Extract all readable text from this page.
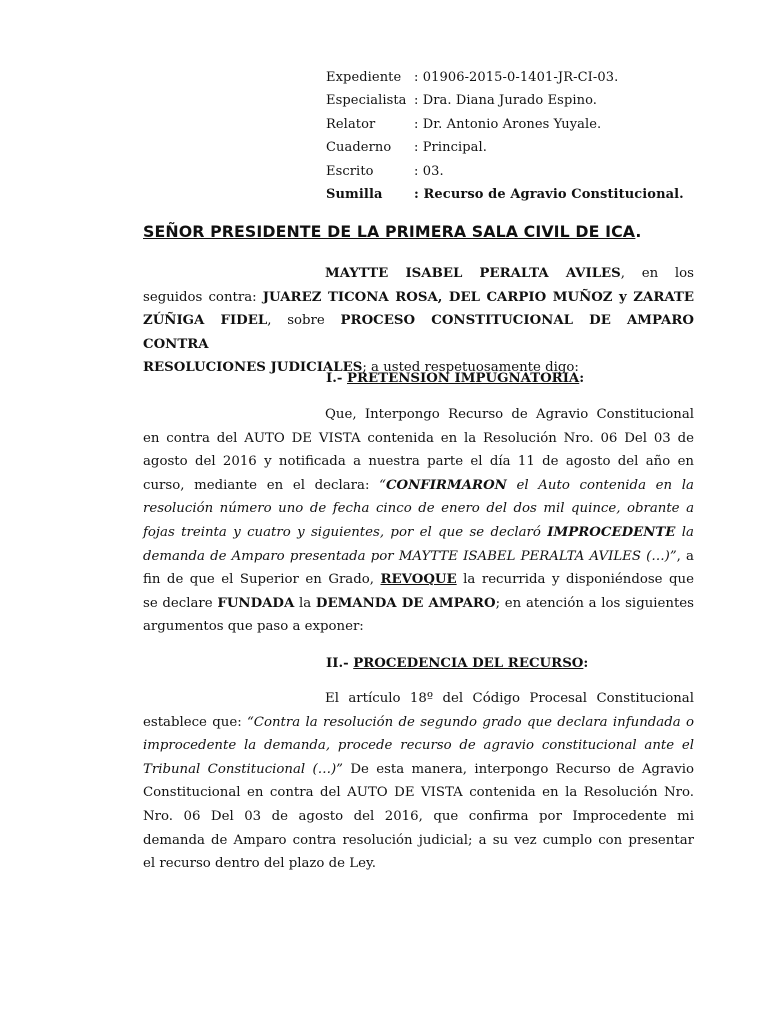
Expediente : 01906-2015-0-1401-JR-CI-03.
Especialista : Dra. Diana Jurado Espino.
Relator	: Dr. Antonio Arones Yuyale.
Cuaderno	: Principal.
Escrito	: 03.
Sumilla	: Recurso de Agravio Constitucional.
SEÑOR PRESIDENTE DE LA PRIMERA SALA CIVIL DE ICA.
MAYTTE ISABEL PERALTA AVILES, en los
seguidos contra: JUAREZ TICONA ROSA, DEL CARPIO MUÑOZ y ZARATE
ZÚÑIGA FIDEL, sobre PROCESO CONSTITUCIONAL DE AMPARO CONTRA
RESOLUCIONES JUDICIALES; a usted respetuosamente digo:
I.- PRETENSION IMPUGNATORIA:
Que, Interpongo Recurso de Agravio Constitucional
en contra del AUTO DE VISTA contenida en la Resolución Nro. 06 Del 03 de
agosto del 2016 y notificada a nuestra parte el día 11 de agosto del año en
curso, mediante en el declara: “CONFIRMARON el Auto contenida en la
resolución número uno de fecha cinco de enero del dos mil quince, obrante a
fojas treinta y cuatro y siguientes, por el que se declaró IMPROCEDENTE la
demanda de Amparo presentada por MAYTTE ISABEL PERALTA AVILES (…)”, a
fin de que el Superior en Grado, REVOQUE la recurrida y disponiéndose que
se declare FUNDADA la DEMANDA DE AMPARO; en atención a los siguientes
argumentos que paso a exponer:
II.- PROCEDENCIA DEL RECURSO:
El artículo 18º del Código Procesal Constitucional
establece que: “Contra la resolución de segundo grado que declara infundada o
improcedente la demanda, procede recurso de agravio constitucional ante el
Tribunal Constitucional (…)” De esta manera, interpongo Recurso de Agravio
Constitucional en contra del AUTO DE VISTA contenida en la Resolución Nro.
Nro. 06 Del 03 de agosto del 2016, que confirma por Improcedente mi
demanda de Amparo contra resolución judicial; a su vez cumplo con presentar
el recurso dentro del plazo de Ley.
